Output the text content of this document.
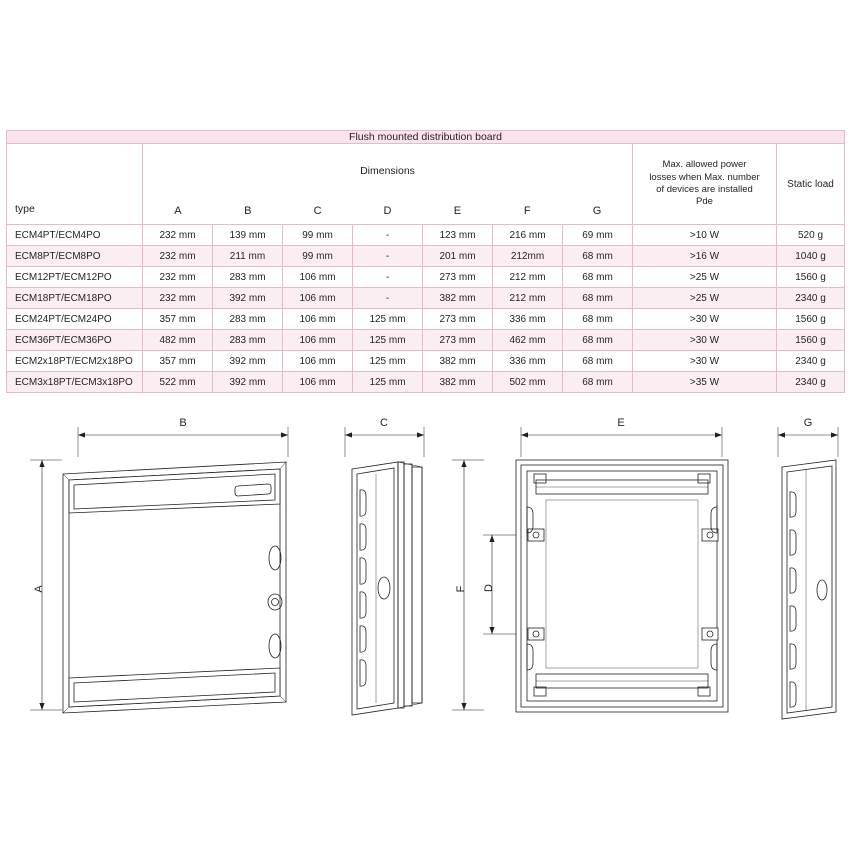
Flush mounted distribution board									
type	
Dimensions
A	B	C	D	E	F	G

Max. allowed power
losses when Max. number
of devices are installed
Pde
	Static load
ECM4PT/ECM4PO	232 mm	139 mm	99 mm	-	123 mm	216 mm	69 mm	>10 W	520 g
ECM8PT/ECM8PO	232 mm	211 mm	99 mm	-	201 mm	212mm	68 mm	>16 W	1040 g
ECM12PT/ECM12PO	232 mm	283 mm	106 mm	-	273 mm	212 mm	68 mm	>25 W	1560 g
ECM18PT/ECM18PO	232 mm	392 mm	106 mm	-	382 mm	212 mm	68 mm	>25 W	2340 g
ECM24PT/ECM24PO	357 mm	283 mm	106 mm	125 mm	273 mm	336 mm	68 mm	>30 W	1560 g
ECM36PT/ECM36PO	482 mm	283 mm	106 mm	125 mm	273 mm	462 mm	68 mm	>30 W	1560 g
ECM2x18PT/ECM2x18PO	357 mm	392 mm	106 mm	125 mm	382 mm	336 mm	68 mm	>30 W	2340 g
ECM3x18PT/ECM3x18PO	522 mm	392 mm	106 mm	125 mm	382 mm	502 mm	68 mm	>35 W	2340 g
B
A
C	E
F D
G
